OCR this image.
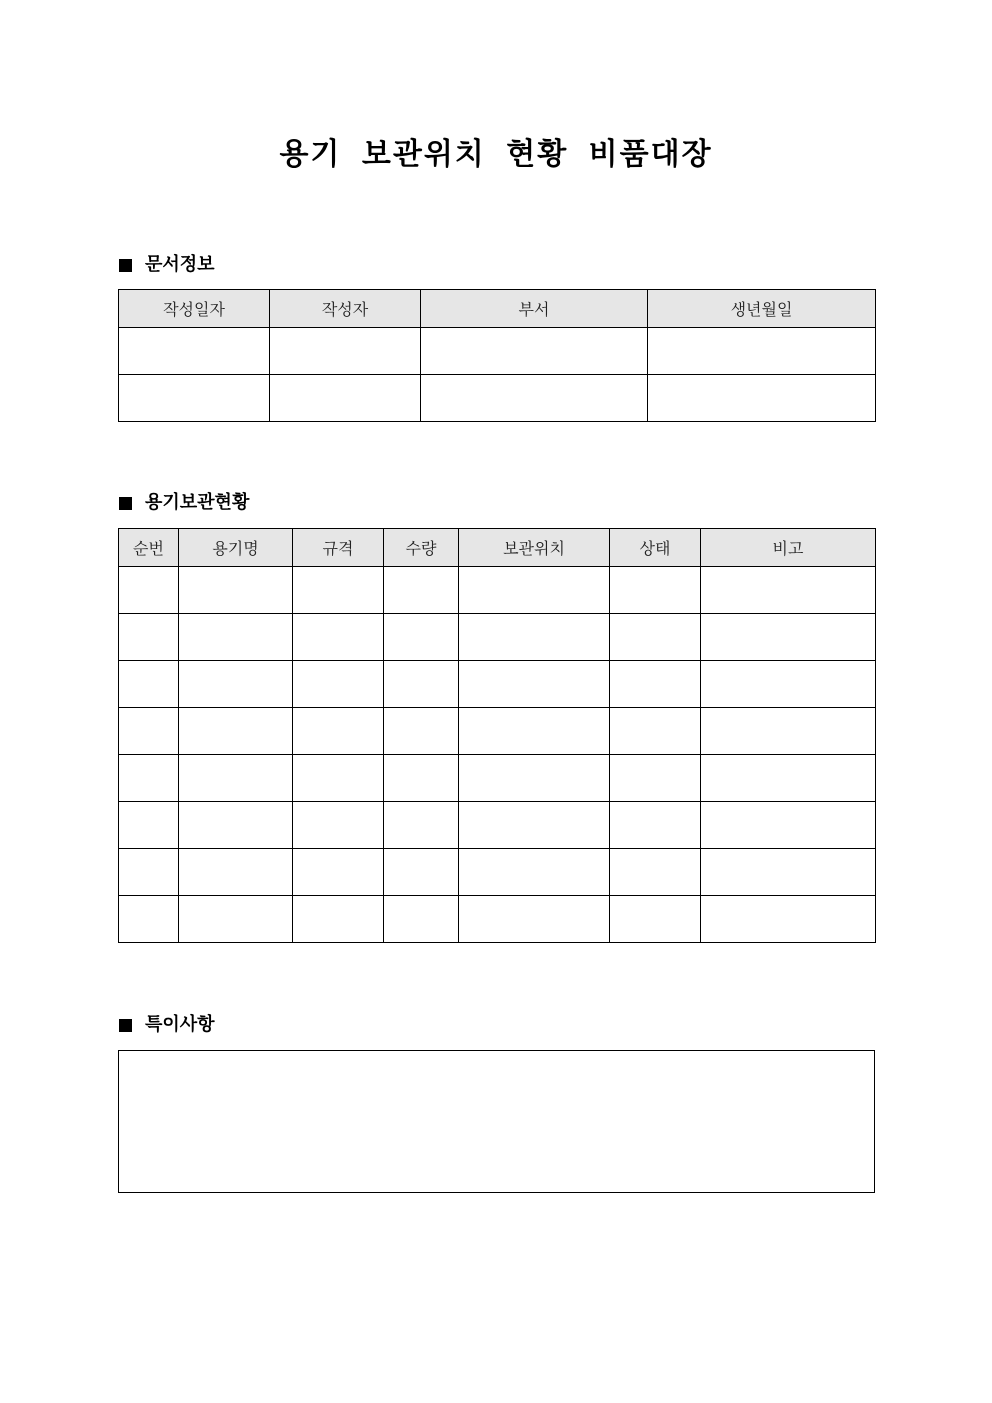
용기 보관위치 현황 비품대장
문서정보
작성일자	작성자	부서	생년월일

용기보관현황
순번	용기명	규격	수량	보관위치	상태	비고

특이사항
